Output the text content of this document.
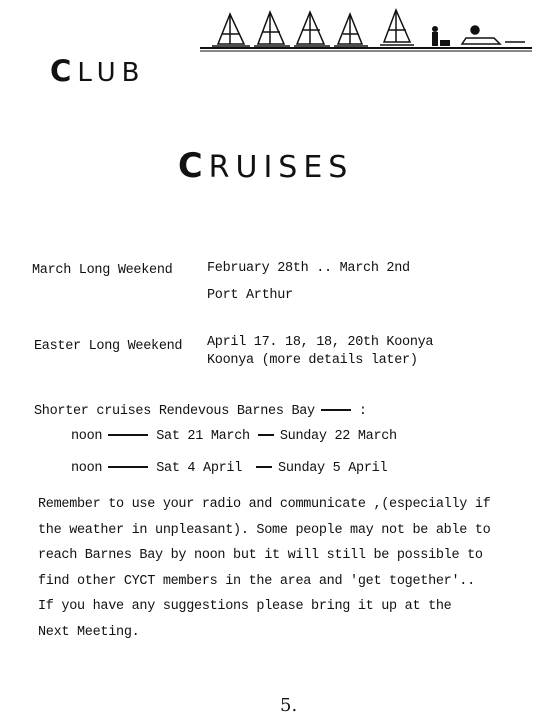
CLUB
CRUISES
March Long Weekend	February 28th .. March 2nd
Port Arthur
Easter Long Weekend April 17. 18, 18, 20th Koonya
Koonya (more details later)
Shorter cruises Rendevous Barnes Bay	:
noon	Sat 21 March Sunday 22 March
noon	Sat 4 April	Sunday 5 April
Remember to use your radio and communicate ,(especially if
the weather in unpleasant). Some people may not be able to
reach Barnes Bay by noon but it will still be possible to
find other CYCT members in the area and 'get together'..
If you have any suggestions please bring it up at the
Next Meeting.
5.
